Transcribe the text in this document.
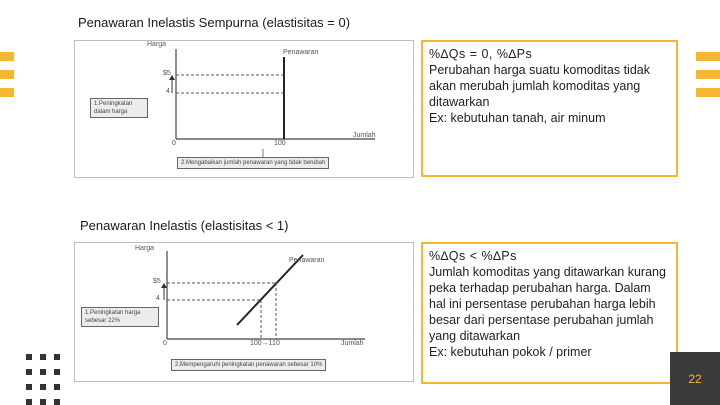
Penawaran Inelastis Sempurna (elastisitas = 0)
Harga
Penawaran
$5
4
0	100
Jumlah
1.Peningkatan dalam harga
2.Mengabaikan jumlah penawaran yang tidak berubah
%∆Qs = 0, %∆Ps
Perubahan harga suatu komoditas tidak akan merubah jumlah komoditas yang ditawarkan
Ex: kebutuhan tanah, air minum
Penawaran Inelastis (elastisitas < 1)
Harga
Penawaran
$5
4
0	100→110	Jumlah
1.Peningkatan harga sebesar 22%
2.Mempengaruhi peningkatan penawaran sebesar 10%
%∆Qs < %∆Ps
Jumlah komoditas yang ditawarkan kurang peka terhadap perubahan harga. Dalam hal ini persentase perubahan harga lebih besar dari persentase perubahan jumlah yang ditawarkan
Ex: kebutuhan pokok / primer
22
